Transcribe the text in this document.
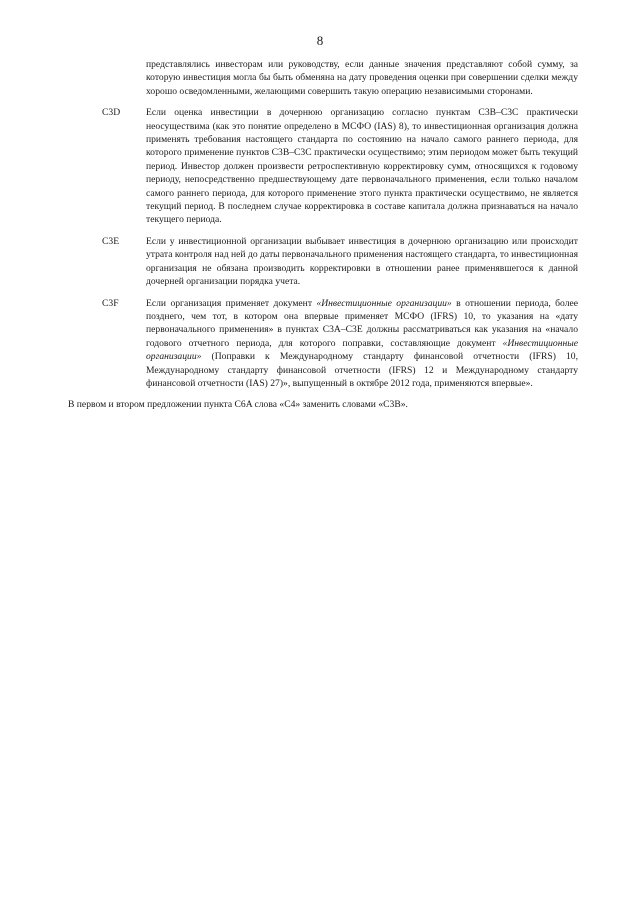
8

представлялись инвесторам или руководству, если данные значения представляют собой сумму, за которую инвестиция могла бы быть обменяна на дату проведения оценки при совершении сделки между хорошо осведомленными, желающими совершить такую операцию независимыми сторонами.

C3D	Если оценка инвестиции в дочернюю организацию согласно пунктам C3B–C3C практически неосуществима (как это понятие определено в МСФО (IAS) 8), то инвестиционная организация должна применять требования настоящего стандарта по состоянию на начало самого раннего периода, для которого применение пунктов C3B–C3C практически осуществимо; этим периодом может быть текущий период. Инвестор должен произвести ретроспективную корректировку сумм, относящихся к годовому периоду, непосредственно предшествующему дате первоначального применения, если только началом самого раннего периода, для которого применение этого пункта практически осуществимо, не является текущий период. В последнем случае корректировка в составе капитала должна признаваться на начало текущего периода.
C3E	Если у инвестиционной организации выбывает инвестиция в дочернюю организацию или происходит утрата контроля над ней до даты первоначального применения настоящего стандарта, то инвестиционная организация не обязана производить корректировки в отношении ранее применявшегося к данной дочерней организации порядка учета.
C3F	Если организация применяет документ «Инвестиционные организации» в отношении периода, более позднего, чем тот, в котором она впервые применяет МСФО (IFRS) 10, то указания на «дату первоначального применения» в пунктах C3A–C3E должны рассматриваться как указания на «начало годового отчетного периода, для которого поправки, составляющие документ «Инвестиционные организации» (Поправки к Международному стандарту финансовой отчетности (IFRS) 10, Международному стандарту финансовой отчетности (IFRS) 12 и Международному стандарту финансовой отчетности (IAS) 27)», выпущенный в октябре 2012 года, применяются впервые».

В первом и втором предложении пункта C6A слова «C4» заменить словами «C3B».
